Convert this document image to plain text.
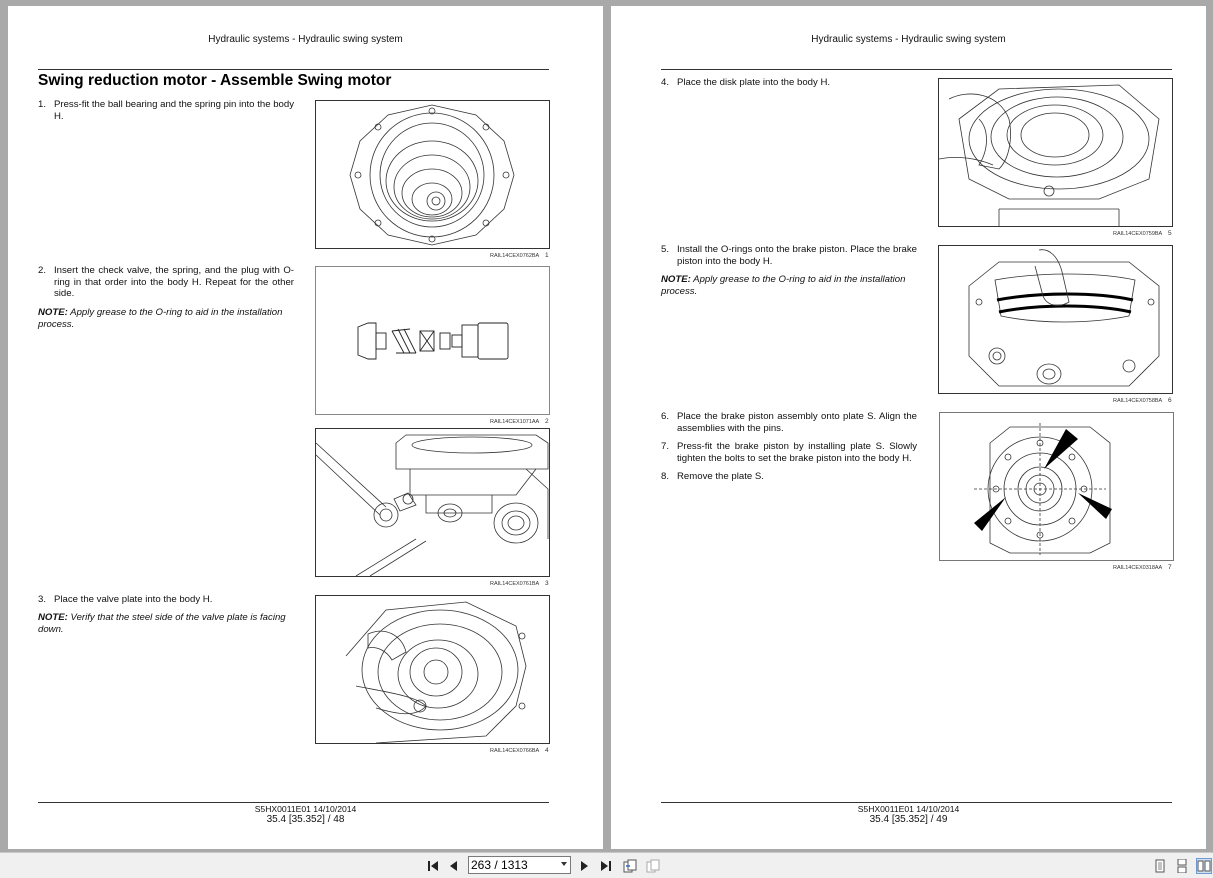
Hydraulic systems - Hydraulic swing system
Swing reduction motor - Assemble Swing motor
1. Press-fit the ball bearing and the spring pin into the body H.
RAIL14CEX0762BA 1
2. Insert the check valve, the spring, and the plug with O-ring in that order into the body H. Repeat for the other side.
NOTE: Apply grease to the O-ring to aid in the installation process.
RAIL14CEX1071AA 2
RAIL14CEX0761BA 3
3. Place the valve plate into the body H.
NOTE: Verify that the steel side of the valve plate is facing down.
RAIL14CEX0766BA 4
S5HX0011E01 14/10/2014
35.4 [35.352] / 48
Hydraulic systems - Hydraulic swing system
4. Place the disk plate into the body H.
RAIL14CEX0759BA 5
5. Install the O-rings onto the brake piston. Place the brake piston into the body H.
NOTE: Apply grease to the O-ring to aid in the installation process.
RAIL14CEX0758BA 6
6. Place the brake piston assembly onto plate S. Align the assemblies with the pins.
7. Press-fit the brake piston by installing plate S. Slowly tighten the bolts to set the brake piston into the body H.
8. Remove the plate S.
RAIL14CEX0318AA 7
S5HX0011E01 14/10/2014
35.4 [35.352] / 49
263 / 1313
